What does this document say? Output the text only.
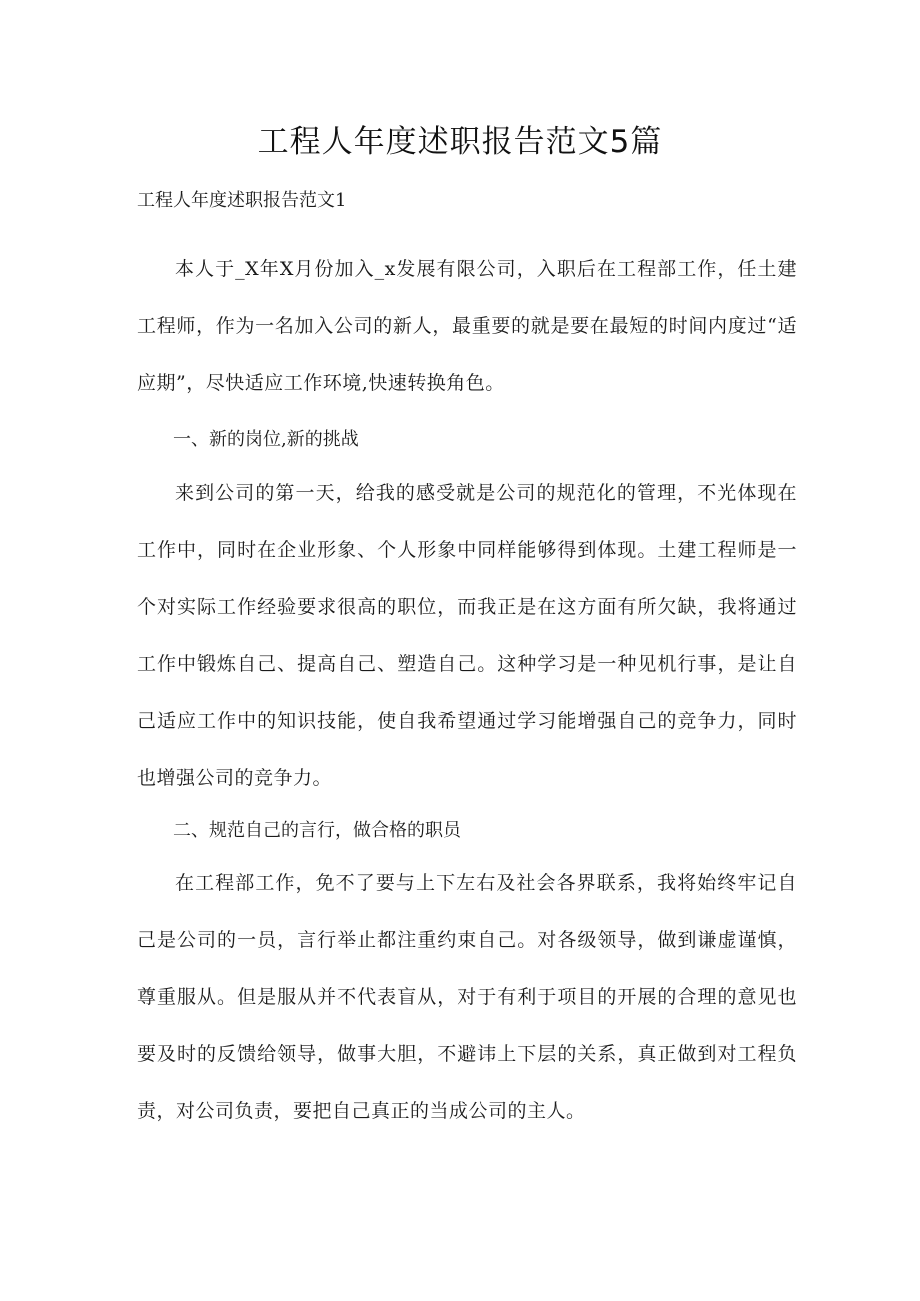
工程人年度述职报告范文5篇

工程人年度述职报告范文1

本人于_X年X月份加入_x发展有限公司，入职后在工程部工作，任土建工程师，作为一名加入公司的新人，最重要的就是要在最短的时间内度过“适应期”，尽快适应工作环境,快速转换角色。

一、新的岗位,新的挑战

来到公司的第一天，给我的感受就是公司的规范化的管理，不光体现在工作中，同时在企业形象、个人形象中同样能够得到体现。土建工程师是一个对实际工作经验要求很高的职位，而我正是在这方面有所欠缺，我将通过工作中锻炼自己、提高自己、塑造自己。这种学习是一种见机行事，是让自己适应工作中的知识技能，使自我希望通过学习能增强自己的竞争力，同时也增强公司的竞争力。

二、规范自己的言行，做合格的职员

在工程部工作，免不了要与上下左右及社会各界联系，我将始终牢记自己是公司的一员，言行举止都注重约束自己。对各级领导，做到谦虚谨慎，尊重服从。但是服从并不代表盲从，对于有利于项目的开展的合理的意见也要及时的反馈给领导，做事大胆，不避讳上下层的关系，真正做到对工程负责，对公司负责，要把自己真正的当成公司的主人。
